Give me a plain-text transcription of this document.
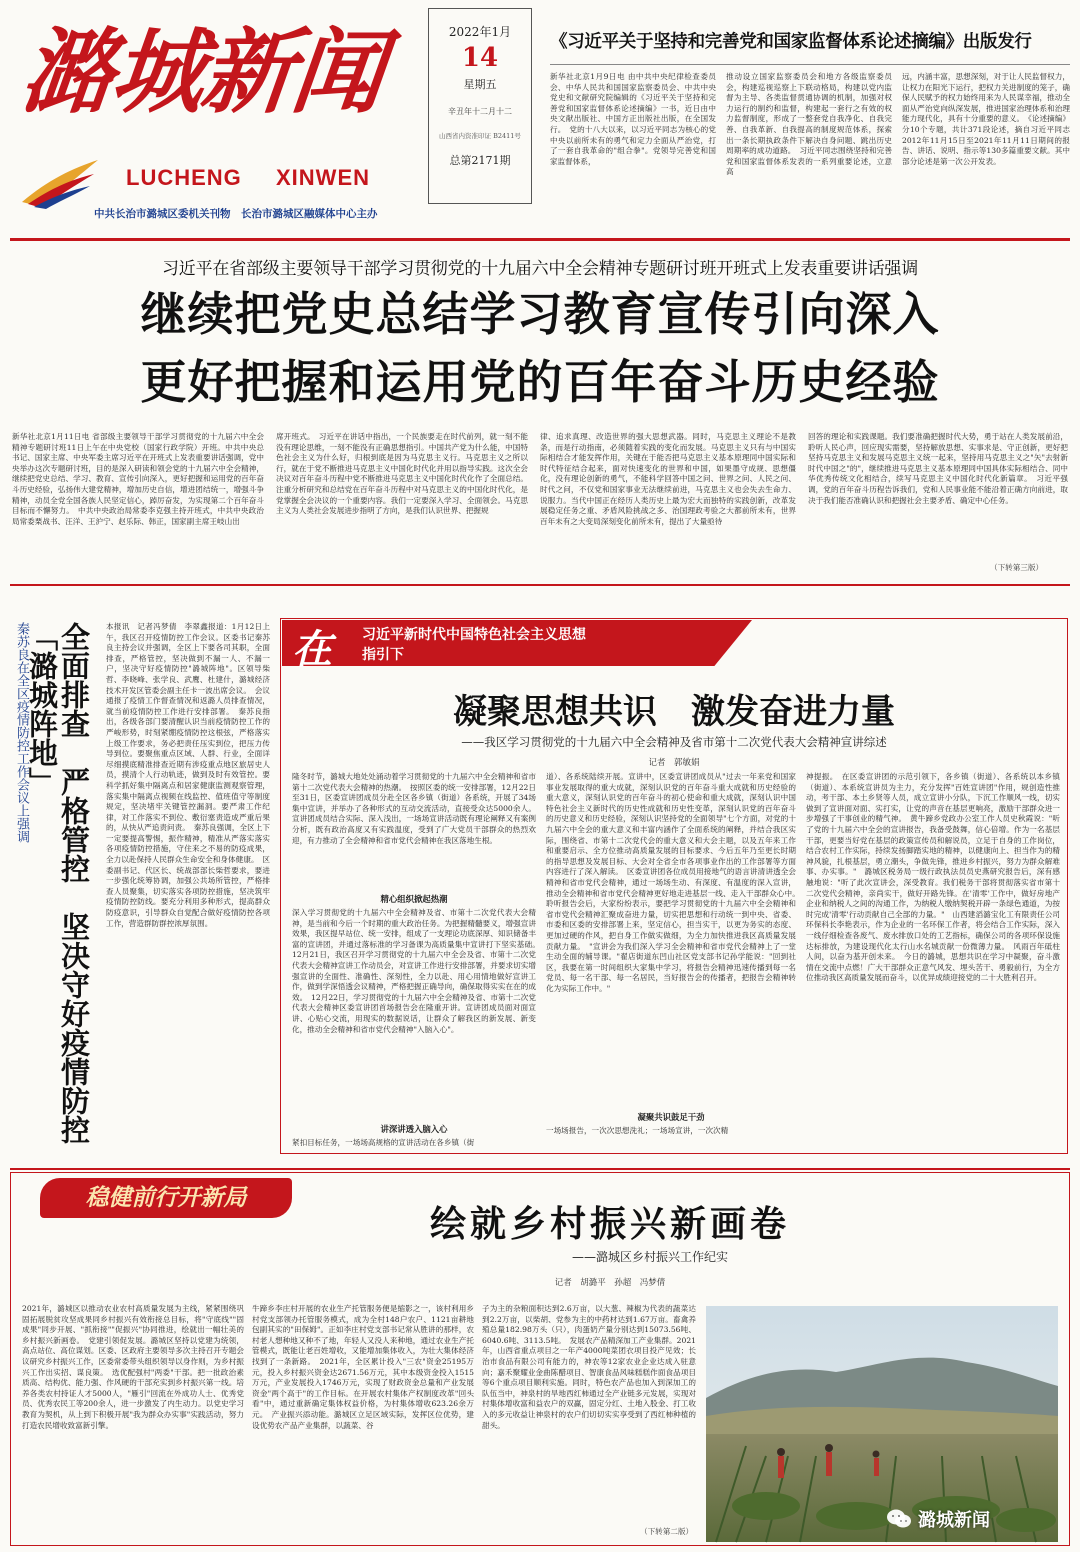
潞城新闻
LUCHENG XINWEN
中共长治市潞城区委机关刊物　长治市潞城区融媒体中心主办
2022年1月
14
星期五
辛丑年十二月十二
山西省内资准印证 B2411号
总第2171期
《习近平关于坚持和完善党和国家监督体系论述摘编》出版发行
新华社北京1月9日电 由中共中央纪律检查委员会、中华人民共和国国家监察委员会、中共中央党史和文献研究院编辑的《习近平关于坚持和完善党和国家监督体系论述摘编》一书，近日由中央文献出版社、中国方正出版社出版，在全国发行。　党的十八大以来，以习近平同志为核心的党中央以前所未有的勇气和定力全面从严治党，打了一套自我革命的"组合拳"。党领导完善党和国家监督体系，
推动设立国家监察委员会和地方各级监察委员会，构建巡视巡察上下联动格局，构建以党内监督为主导、各类监督贯通协调的机制，加强对权力运行的制约和监督，构建起一套行之有效的权力监督制度，形成了一整套党自我净化、自我完善、自我革新、自我提高的制度规范体系，探索出一条长期执政条件下解决自身问题、跳出历史周期率的成功道路。　习近平同志围绕坚持和完善党和国家监督体系发表的一系列重要论述，立意高
远，内涵丰富，思想深刻，对于让人民监督权力，让权力在阳光下运行，把权力关进制度的笼子，确保人民赋予的权力始终用来为人民谋幸福，推动全面从严治党向纵深发展，推进国家治理体系和治理能力现代化，具有十分重要的意义。　《论述摘编》分10个专题，共计371段论述，摘自习近平同志2012年11月15日至2021年11月11日期间的报告、讲话、说明、指示等130多篇重要文献。其中部分论述是第一次公开发表。
习近平在省部级主要领导干部学习贯彻党的十九届六中全会精神专题研讨班开班式上发表重要讲话强调
继续把党史总结学习教育宣传引向深入
更好把握和运用党的百年奋斗历史经验
新华社北京1月11日电 省部级主要领导干部学习贯彻党的十九届六中全会精神专题研讨班11日上午在中央党校（国家行政学院）开班。中共中央总书记、国家主席、中央军委主席习近平在开班式上发表重要讲话强调，党中央举办这次专题研讨班，目的是深入研读和领会党的十九届六中全会精神，继续把党史总结、学习、教育、宣传引向深入，更好把握和运用党的百年奋斗历史经验，弘扬伟大建党精神，增加历史自信，增进团结统一，增强斗争精神，动员全党全国各族人民坚定信心，踔厉奋发，为实现第二个百年奋斗目标而不懈努力。　中共中央政治局常委李克强主持开班式，中共中央政治局常委栗战书、汪洋、王沪宁、赵乐际、韩正，国家副主席王岐山出
席开班式。　习近平在讲话中指出，一个民族要走在时代前列，就一刻不能没有理论思维，一刻不能没有正确思想指引。中国共产党为什么能，中国特色社会主义为什么好，归根到底是因为马克思主义行。马克思主义之所以行，就在于党不断推进马克思主义中国化时代化并用以指导实践。这次全会决议对百年奋斗历程中党不断推进马克思主义中国化时代化作了全面总结。注重分析研究和总结党在百年奋斗历程中对马克思主义的中国化时代化，是党掌握全会决议的一个重要内容。我们一定要深入学习、全面领会。马克思主义为人类社会发展进步指明了方向，是我们认识世界、把握规
律、追求真理、改造世界的强大思想武器。同时，马克思主义理论不是教条，而是行动指南，必须随着实践的变化而发展。马克思主义只有与中国实际相结合才能发挥作用，关键在于能否把马克思主义基本原理同中国实际和时代特征结合起来，面对快速变化的世界和中国，如果墨守成规、思想僵化，没有理论创新的勇气，不能科学回答中国之问、世界之问、人民之问、时代之问，不仅党和国家事业无法继续前进，马克思主义也会失去生命力、说服力。当代中国正在经历人类历史上最为宏大而独特的实践创新，改革发展稳定任务之重、矛盾风险挑战之多、治国理政考验之大都前所未有，世界百年未有之大变局深刻变化前所未有，提出了大量亟待
回答的理论和实践课题。我们要准确把握时代大势，勇于站在人类发展前沿，聆听人民心声，回应现实需要，坚持解放思想、实事求是、守正创新，更好把坚持马克思主义和发展马克思主义统一起来，坚持用马克思主义之"矢"去射新时代中国之"的"，继续推进马克思主义基本原理同中国具体实际相结合、同中华优秀传统文化相结合，续写马克思主义中国化时代化新篇章。　习近平强调，党的百年奋斗历程告诉我们，党和人民事业能不能沿着正确方向前进，取决于我们能否准确认识和把握社会主要矛盾、确定中心任务。
（下转第三版）
秦苏良在全区疫情防控工作会议上强调 全面排查　严格管控　坚决守好疫情防控「潞城阵地」	本报讯　记者冯梦倩　李翠鑫报道：1月12日上午，我区召开疫情防控工作会议。区委书记秦苏良主持会议并强调，全区上下要各司其职，全面排查，严格管控，坚决做到不漏一人、不漏一户，坚决守好疫情防控"潞城阵地"。区领导柴哲、李晓峰、张学良、武鹰、杜建什，潞城经济技术开发区管委会副主任卡一波出席会议。　会议通报了疫情工作督查情况和返潞人员排查情况，就当前疫情防控工作进行安排部署。　秦苏良指出，各级各部门要清醒认识当前疫情防控工作的严峻形势，时刻紧绷疫情防控这根弦，严格落实上级工作要求，务必把责任压实到位，把压力传导到位。要聚焦重点区域、人群、行业，全面详尽细摸底精准排查近期有涉疫重点地区旅居史人员，摸清个人行动轨迹，做到及时有效管控。要科学抓好集中隔离点和居家健康监测观察管理，落实集中隔离点视频在线监控、值班值守等制度规定，坚决堵牢关键管控漏洞。要严肃工作纪律，对工作落实不到位、敷衍塞责造成严重后果的，从快从严追责问责。　秦苏良强调，全区上下一定要提高警惕，振作精神，精准从严落实落实各项疫情防控措施，守住来之不易的防疫成果，全力以赴保持人民群众生命安全和身体健康。　区委副书记、代区长、统战部部长柴哲要求，要进一步强化统筹协调，加强公共场所管控，严格排查人员聚集，切实落实各项防控措施，坚决筑牢疫情防控防线。要充分利用多种形式，提高群众防疫意识，引导群众自觉配合做好疫情防控各项工作，营造群防群控浓厚氛围。
在 习近平新时代中国特色社会主义思想
指引下
凝聚思想共识　激发奋进力量
——我区学习贯彻党的十九届六中全会精神及省市第十二次党代表大会精神宣讲综述
记者　郭敏娟
隆冬时节，潞城大地处处涌动着学习贯彻党的十九届六中全会精神和省市第十二次党代表大会精神的热潮。　按照区委的统一安排部署，12月22日至31日，区委宣讲团成员分赴全区各乡镇（街道）各系统，开展了34场集中宣讲，并举办了各种形式的互动交流活动，直接受众达5000余人。宣讲团成员结合实际、深入浅出，一场场宣讲活动既有理论阐释又有案例分析，既有政治高度又有实践温度，受到了广大党员干部群众的热烈欢迎，有力推动了全会精神和省市党代会精神在我区落地生根。
精心组织掀起热潮
深入学习贯彻党的十九届六中全会精神及省、市第十二次党代表大会精神，是当前和今后一个时期的重大政治任务。为把握精髓要义，增强宣讲效果，我区提早站位、统一安排，组成了一支理论功底深厚、知识储备丰富的宣讲团，并通过落标准的学习备课为高质量集中宣讲打下坚实基础。　12月21日，我区召开学习贯彻党的十九届六中全会及省、市第十二次党代表大会精神宣讲工作动员会，对宣讲工作进行安排部署，并要求切实增强宣讲的全面性、准确性、深刻性，全力以赴、用心用情地做好宣讲工作，做到学深悟透会议精神，严格把握正确导向，确保取得实实在在的成效。　12月22日，学习贯彻党的十九届六中全会精神及省、市第十二次党代表大会精神区委宣讲团首场报告会在隆重开讲。宣讲团成员面对面宣讲、心贴心交流，用现实的数据说话，让群众了解我区的新发展、新变化，推动全会精神和省市党代会精神"入脑入心"。
讲深讲透入脑入心
紧扣目标任务，一场场高规格的宣讲活动在各乡镇（街
道）、各系统陆续开展。宣讲中，区委宣讲团成员从"过去一年来党和国家事业发展取得的重大成就，深刻认识党的百年奋斗重大成就和历史经验的重大意义，深刻认识党的百年奋斗的初心使命和重大成就，深刻认识中国特色社会主义新时代的历史性成就和历史性变革，深刻认识党的百年奋斗的历史意义和历史经验，深刻认识坚持党的全面领导"七个方面，对党的十九届六中全会的重大意义和丰富内涵作了全面系统的阐释，并结合我区实际，围绕省、市第十二次党代会的重大意义和大会主题，以及五年来工作和重要启示、全方位推动高质量发展的目标要求、今后五年乃至更长时期的指导思想及发展目标、大会对全省全市各项事业作出的工作部署等方面内容进行了深入解读。　区委宣讲团各位成员用接地气的语言讲清讲透全会精神和省市党代会精神，通过一场场生动、有深度、有温度的深入宣讲，推动全会精神和省市党代会精神更好地走进基层一线、走入干部群众心中。　聆听报告会后，大家纷纷表示，要把学习贯彻党的十九届六中全会精神和省市党代会精神汇聚成奋进力量，切实把思想和行动统一到中央、省委、市委和区委的安排部署上来，坚定信心，担当实干，以更为务实的态度、更加过硬的作风，把自身工作做实做细，为全力加快推进我区高质量发展贡献力量。　"宣讲会为我们深入学习全会精神和省市党代会精神上了一堂生动全面的辅导课。"翟店街道东凹山社区党支部书记孙学能说："回到社区，我要在第一时间组织大家集中学习，将报告会精神迅速传播到每一名党员、每一名干部、每一名居民，当好报告会的传播者，把报告会精神转化为实际工作中。"
凝聚共识鼓足干劲
一场场报告，一次次思想洗礼；一场场宣讲，一次次精
神提振。　在区委宣讲团的示范引领下，各乡镇（街道）、各系统以本乡镇（街道）、本系统宣讲员为主力，充分发挥"百姓宣讲团"作用，规创造性推动，考干部、本土乡贤等人员，成立宣讲小分队，下沉工作顺风一线，切实做到了宣讲面对面、实打实，让党的声音在基层更响亮，激励干部群众进一步增强了干事创业的精气神。　黄牛蹄乡党政办公室工作人员史秋霞说："听了党的十九届六中全会的宣讲报告，我备受鼓舞，信心倍增。作为一名基层干部，更要当好党在基层的政策宣传员和解说员，立足于自身的工作岗位，结合农村工作实际，持续发扬脚踏实地的精神，以健康向上、担当作为的精神风貌，扎根基层，勇立潮头，争做先锋，推进乡村振兴，努力为群众解难事、办实事。"　潞城区税务局一级行政执法员员史燕研究报告后，深有感触地说："听了此次宣讲会，深受教育。我们税务干部将贯彻落实省市第十二次党代会精神，亲尚实干，做好开路先锋。在'清零'工作中，做好房地产企业和纳税人之间的沟通工作，为纳税人缴纳契税开辟一条绿色通道，为按时完成'清零'行动贡献自己全部的力量。"　山西建滔潞宝化工有限责任公司环保科长李艳表示，作为企业的一名环保工作者，将会结合工作实际，深入一线仔细检查各废气、废水排放口处的工艺指标，确保公司的各项环保设施达标排放，为建设现代化太行山水名城贡献一份微薄力量。　风雨百年砥柱人间，以奋为基开创未来。　今日的潞城，思想共识在学习中凝聚，奋斗激情在交流中点燃！广大干部群众正意气风发、埋头苦干、勇毅前行，为全方位推动我区高质量发展而奋斗，以优异成绩迎接党的二十大胜利召开。
稳健前行开新局
绘就乡村振兴新画卷
——潞城区乡村振兴工作纪实
记者　胡潞平　孙超　冯梦倩
2021年，潞城区以推动农业农村高质量发展为主线，紧紧围绕巩固拓展脱贫攻坚成果同乡村振兴有效衔接总目标，将"守底线""固成果"同步开展、"抓衔接""促振兴"协同推进，绘就出一幅壮美的乡村振兴新画卷。　党建引领促发展。潞城区坚持以党建为统领，高点站位、高位谋划。区委、区政府主要领导多次主持召开专题会议研究乡村振兴工作，区委常委带头组织领导以身作则，为乡村振兴工作出实招、谋良策。　选优配强村"两委"干部。把一批政治素质高、结构优、能力强、作风硬的干部充实到乡村振兴第一线。培养各类农村持证人才5000人，"雁引"回流在外成功人士、优秀党员、优秀农民工等200余人，进一步激发了内生动力。以党史学习教育为契机，从上到下积极开展"我为群众办实事"实践活动，努力打造农民增收致富新引擎。
牛蹄乡李庄村开展的农业生产托管服务便是缩影之一，该村利用乡村党支部领办托管服务模式，成为全村148户农户、1121亩耕地包副其实的"田保姆"。正如李庄村党支部书记常从胜讲的那样，农村老人想种地又种不了地，年轻人又没人来种地，通过农业生产托管模式，既能让老百姓增收，又能增加集体收入，为壮大集体经济找到了一条新路。　2021年，全区累计投入"三农"资金25195万元，投入乡村振兴资金达2671.56万元，其中本级资金投入1515万元，产业发展投入1746万元，实现了财政资金总量和产业发展资金"两个高于"的工作目标。在开展农村集体产权制度改革"回头看"中，通过重新确定集体权益价格，为村集体增收623.26余万元。　产业振兴添动能。潞城区立足区域实际，发挥区位优势，建设优势农产品产业集群，以蔬菜、谷
子为主的杂粮面积达到2.6万亩，以大葱、辣椒为代表的蔬菜达到2.2万亩，以柴胡、党参为主的中药材达到1.67万亩。畜禽养殖总量182.98万头（只），肉蛋奶产量分别达到15073.56吨、6040.6吨、3113.5吨。　发展农产品精深加工产业集群。2021年，山西省重点项目之一年产4000吨菜团衣项目投产见效；长治市食品有限公司有能力的，神农等12家农业企业达成入驻意向；嘉禾聚耀业金曲陈醋项目、智康食品风味糕糕作面食品项目等6个重点项目顺利实施。同时，特色农产品也加入到深加工的队伍当中，神泉村的旱地西红柿通过全产业链多元发展，实现对村集体增收富和益农户的双赢，固定分红、土地入股金、打工收入的多元收益让神泉村的农户们切切实实享受到了西红柿种植的甜头。
（下转第二版）
潞城新闻
